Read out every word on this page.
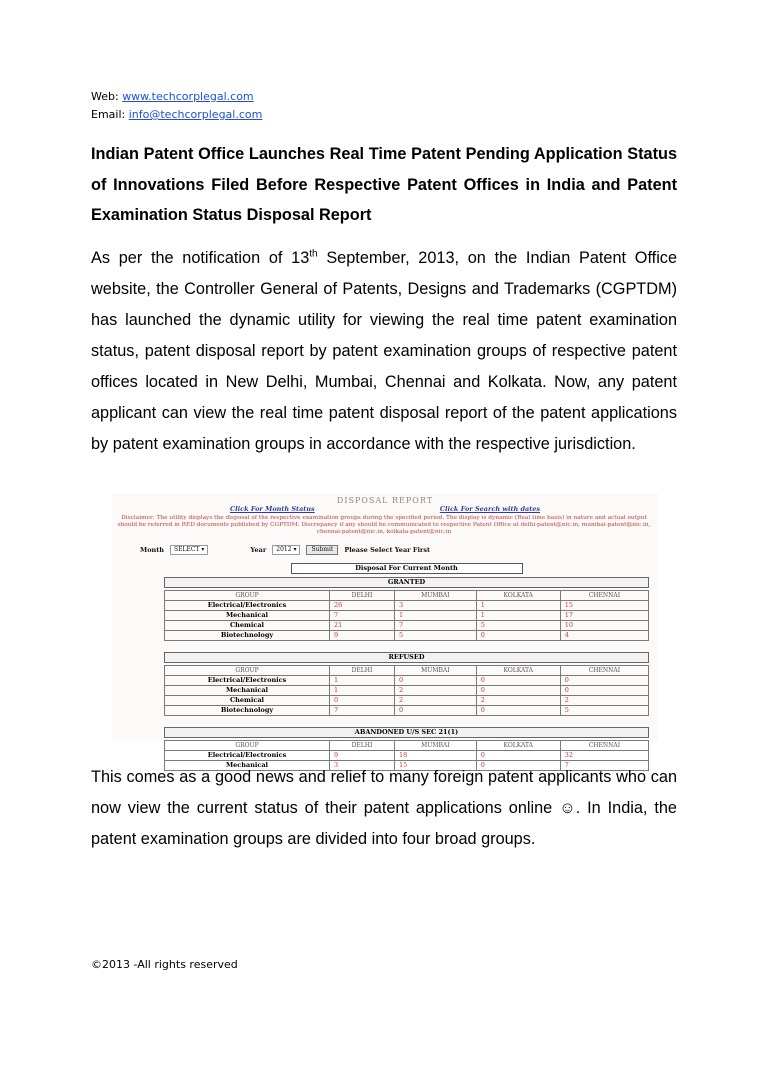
Web: www.techcorplegal.com
Email: info@techcorplegal.com
Indian Patent Office Launches Real Time Patent Pending Application Status of Innovations Filed Before Respective Patent Offices in India and Patent Examination Status Disposal Report
As per the notification of 13th September, 2013, on the Indian Patent Office website, the Controller General of Patents, Designs and Trademarks (CGPTDM) has launched the dynamic utility for viewing the real time patent examination status, patent disposal report by patent examination groups of respective patent offices located in New Delhi, Mumbai, Chennai and Kolkata. Now, any patent applicant can view the real time patent disposal report of the patent applications by patent examination groups in accordance with the respective jurisdiction.
DISPOSAL REPORT
Click For Month Status	Click For Search with dates
Disclaimer: The utility displays the disposal of the respective examination groups during the specified period. The display is dynamic (Real time basis) in nature and actual output should be referred in RED documents published by CGPTDM. Discrepancy if any should be communicated to respective Patent Office at delhi-patent@nic.in, mumbai-patent@nic.in, chennai-patent@nic.in, kolkata-patent@nic.in
Month	SELECT ▾	Year	2012 ▾	Submit	Please Select Year First
Disposal For Current Month
GRANTED
GROUP	DELHI	MUMBAI	KOLKATA	CHENNAI
Electrical/Electronics	26	3	1	15
Mechanical	7	1	1	17
Chemical	21	7	5	10
Biotechnology	9	5	0	4
REFUSED
GROUP	DELHI	MUMBAI	KOLKATA	CHENNAI
Electrical/Electronics	1	0	0	0
Mechanical	1	2	0	0
Chemical	0	2	2	2
Biotechnology	7	0	0	5
ABANDONED U/S SEC 21(1)
GROUP	DELHI	MUMBAI	KOLKATA	CHENNAI
Electrical/Electronics	9	18	0	32
Mechanical	3	15	0	7
This comes as a good news and relief to many foreign patent applicants who can now view the current status of their patent applications online ☺. In India, the patent examination groups are divided into four broad groups.
©2013 -All rights reserved
